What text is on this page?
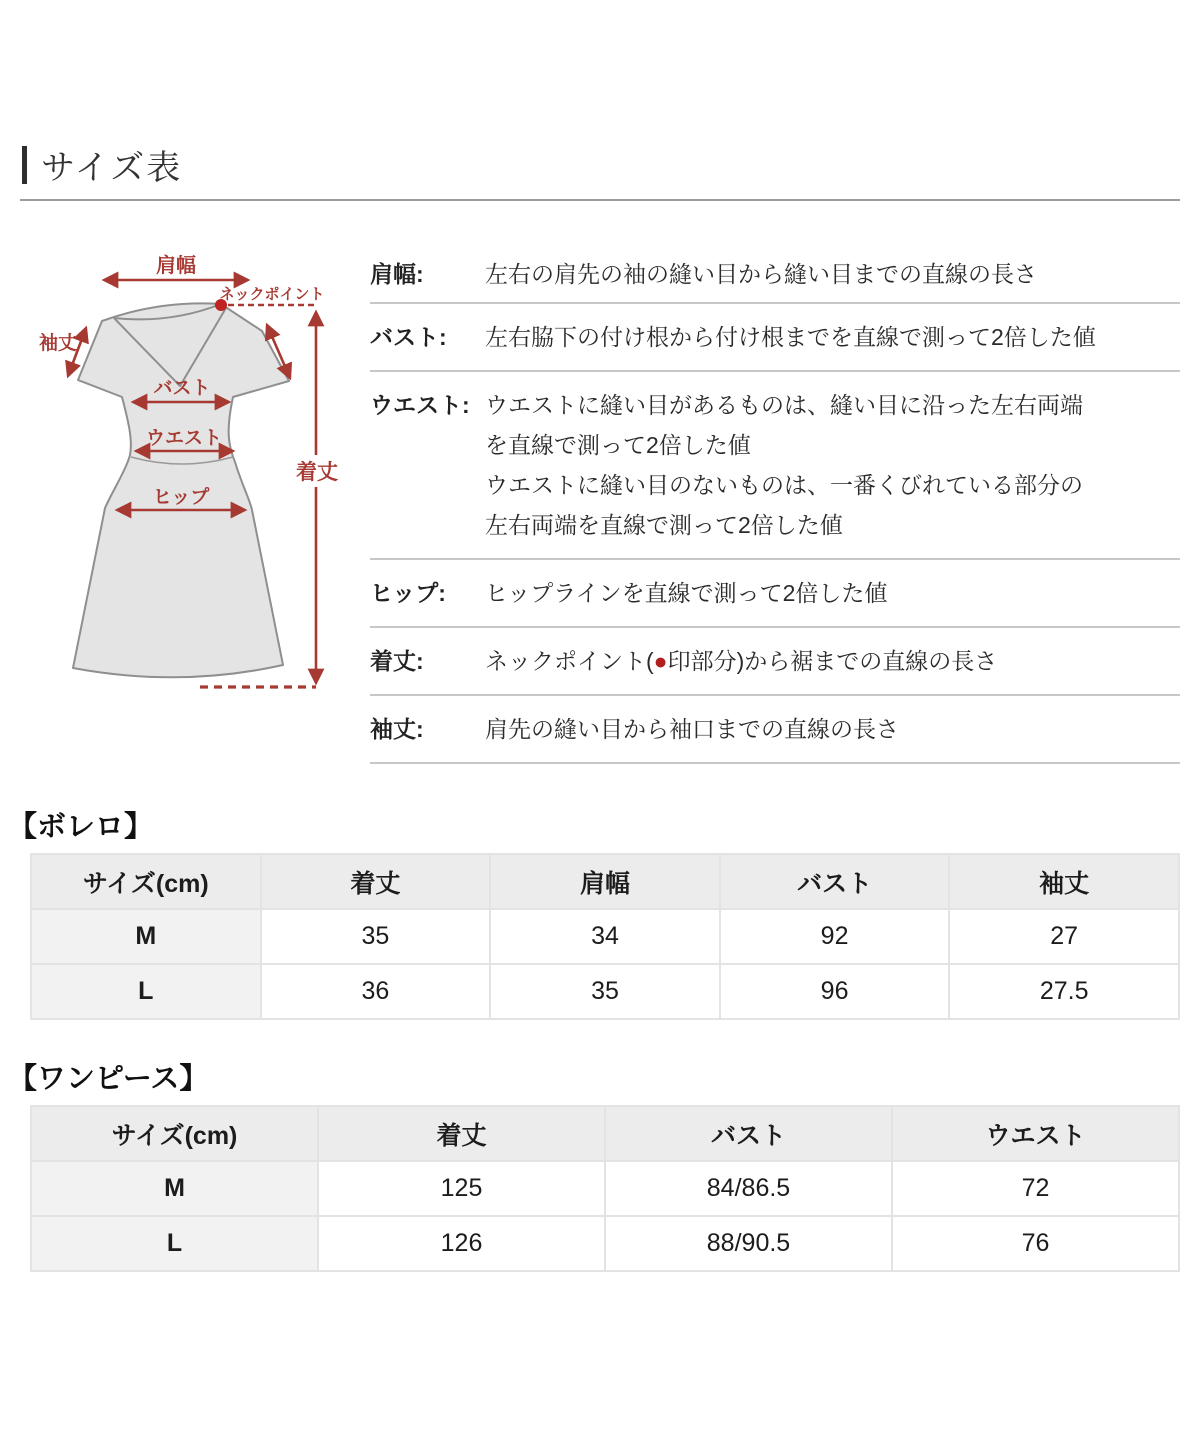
サイズ表
肩幅
ネックポイント
袖丈
バスト
ウエスト
ヒップ
着丈
肩幅:	左右の肩先の袖の縫い目から縫い目までの直線の長さ
バスト:	左右脇下の付け根から付け根までを直線で測って2倍した値
ウエスト: ウエストに縫い目があるものは、縫い目に沿った左右両端
を直線で測って2倍した値
ウエストに縫い目のないものは、一番くびれている部分の
左右両端を直線で測って2倍した値
ヒップ:	ヒップラインを直線で測って2倍した値
着丈:	ネックポイント(●印部分)から裾までの直線の長さ
袖丈:	肩先の縫い目から袖口までの直線の長さ
【ボレロ】
サイズ(cm)	着丈	肩幅	バスト	袖丈
M	35	34	92	27
L	36	35	96	27.5
【ワンピース】
サイズ(cm)	着丈	バスト	ウエスト
M	125	84/86.5	72
L	126	88/90.5	76
